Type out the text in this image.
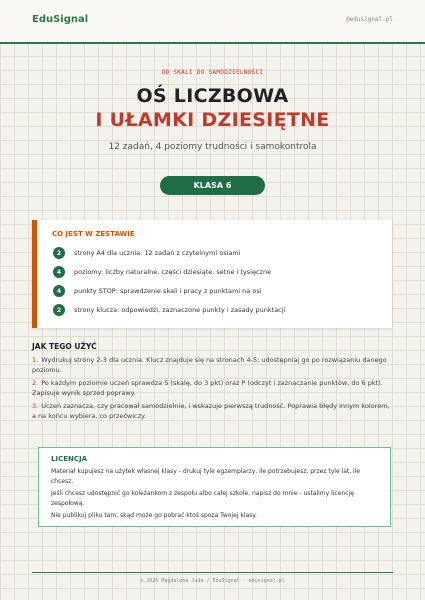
EduSignal	@edusignal.pl
OD SKALI DO SAMODZIELNOŚCI
OŚ LICZBOWA
I UŁAMKI DZIESIĘTNE
12 zadań, 4 poziomy trudności i samokontrola
KLASA 6
CO JEST W ZESTAWIE
2	strony A4 dla ucznia: 12 zadań z czytelnymi osiami
4	poziomy: liczby naturalne, części dziesiąte, setne i tysięczne
4	punkty STOP: sprawdzenie skali i pracy z punktami na osi
2	strony klucza: odpowiedzi, zaznaczone punkty i zasady punktacji
JAK TEGO UŻYĆ
1. Wydrukuj strony 2-3 dla ucznia. Klucz znajduje się na stronach 4-5; udostępniaj go po rozwiązaniu danego poziomu.
2. Po każdym poziomie uczeń sprawdza S (skalę, do 3 pkt) oraz P (odczyt i zaznaczanie punktów, do 6 pkt). Zapisuje wynik sprzed poprawy.
3. Uczeń zaznacza, czy pracował samodzielnie, i wskazuje pierwszą trudność. Poprawia błędy innym kolorem, a na końcu wybiera, co przećwiczy.
LICENCJA
Materiał kupujesz na użytek własnej klasy - drukuj tyle egzemplarzy, ile potrzebujesz, przez tyle lat, ile chcesz.
Jeśli chcesz udostępnić go koleżankom z zespołu albo całej szkole, napisz do mnie - ustalimy licencję zespołową.
Nie publikuj pliku tam, skąd może go pobrać ktoś spoza Twojej klasy.
© 2026 Magdalena Juda / EduSignal · edusignal.pl
